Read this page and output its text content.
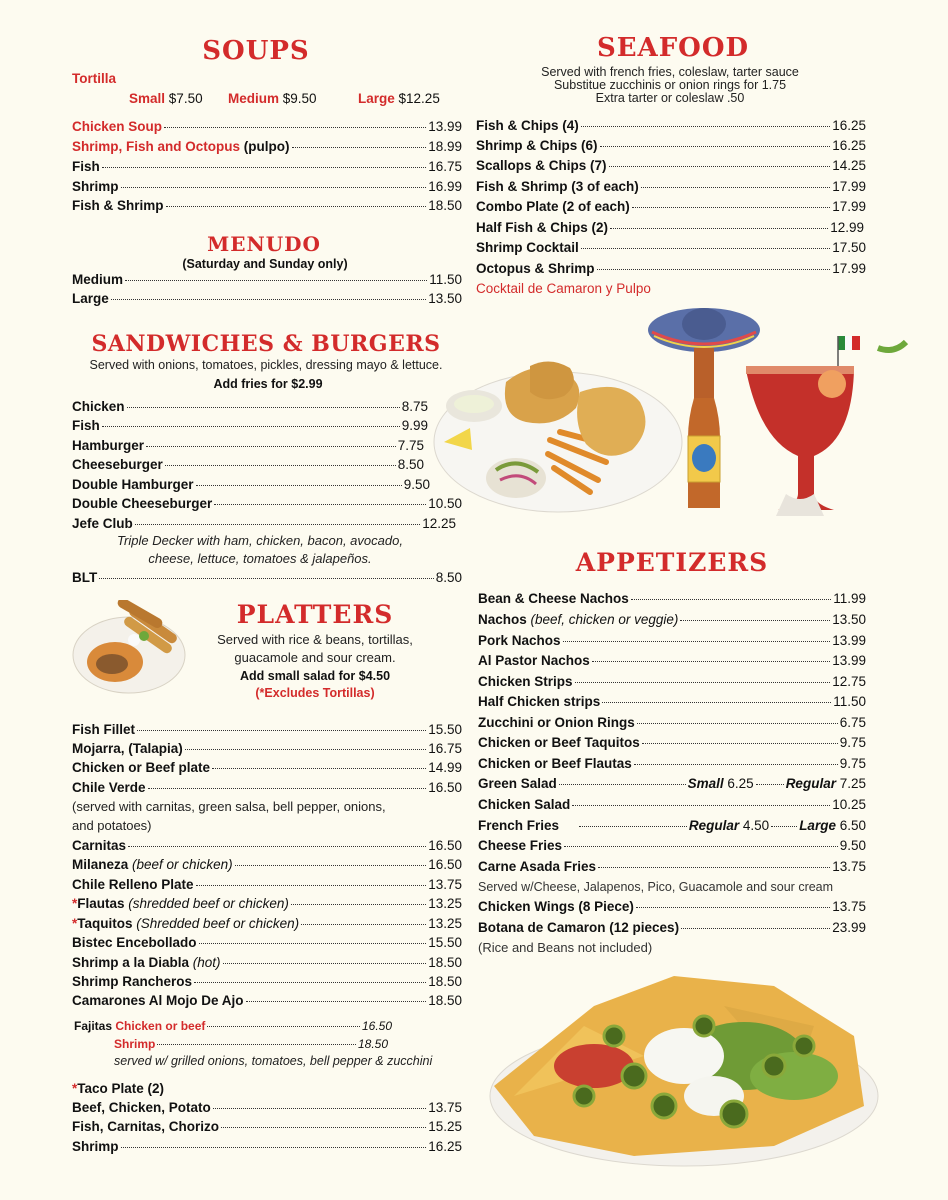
SOUPS
Tortilla
Small $7.50 Medium $9.50	Large $12.25
Chicken Soup	13.99
Shrimp, Fish and Octopus (pulpo)	18.99
Fish	16.75
Shrimp	16.99
Fish & Shrimp	18.50
MENUDO
(Saturday and Sunday only)
Medium	11.50
Large	13.50
SANDWICHES & BURGERS
Served with onions, tomatoes, pickles, dressing mayo & lettuce.
Add fries for $2.99
Chicken	8.75
Fish	9.99
Hamburger	7.75
Cheeseburger	8.50
Double Hamburger	9.50
Double Cheeseburger	10.50
Jefe Club	12.25
Triple Decker with ham, chicken, bacon, avocado,
cheese, lettuce, tomatoes & jalapeños.
BLT	8.50
PLATTERS
Served with rice & beans, tortillas,
guacamole and sour cream.
Add small salad for $4.50
(*Excludes Tortillas)
Fish Fillet	15.50
Mojarra, (Talapia)	16.75
Chicken or Beef plate	14.99
Chile Verde	16.50
(served with carnitas, green salsa, bell pepper, onions,
and potatoes)
Carnitas	16.50
Milaneza (beef or chicken)	16.50
Chile Relleno Plate	13.75
*Flautas (shredded beef or chicken)	13.25
*Taquitos (Shredded beef or chicken)	13.25
Bistec Encebollado	15.50
Shrimp a la Diabla (hot)	18.50
Shrimp Rancheros	18.50
Camarones Al Mojo De Ajo	18.50
Fajitas Chicken or beef	16.50
Shrimp	18.50
served w/ grilled onions, tomatoes, bell pepper & zucchini
*Taco Plate (2)
Beef, Chicken, Potato	13.75
Fish, Carnitas, Chorizo	15.25
Shrimp	16.25
SEAFOOD
Served with french fries, coleslaw, tarter sauce
Substitue zucchinis or onion rings for 1.75
Extra tarter or coleslaw .50
Fish & Chips (4)	16.25
Shrimp & Chips (6)	16.25
Scallops & Chips (7)	14.25
Fish & Shrimp (3 of each)	17.99
Combo Plate (2 of each)	17.99
Half Fish & Chips (2)	12.99
Shrimp Cocktail	17.50
Octopus & Shrimp	17.99
Cocktail de Camaron y Pulpo
APPETIZERS
Bean & Cheese Nachos	11.99
Nachos (beef, chicken or veggie)	13.50
Pork Nachos	13.99
Al Pastor Nachos	13.99
Chicken Strips	12.75
Half Chicken strips	11.50
Zucchini or Onion Rings	6.75
Chicken or Beef Taquitos	9.75
Chicken or Beef Flautas	9.75
Green Salad	Small 6.25 Regular 7.25
Chicken Salad	10.25
French Fries	Regular 4.50 Large 6.50
Cheese Fries	9.50
Carne Asada Fries	13.75
Served w/Cheese, Jalapenos, Pico, Guacamole and sour cream
Chicken Wings (8 Piece)	13.75
Botana de Camaron (12 pieces)	23.99
(Rice and Beans not included)
